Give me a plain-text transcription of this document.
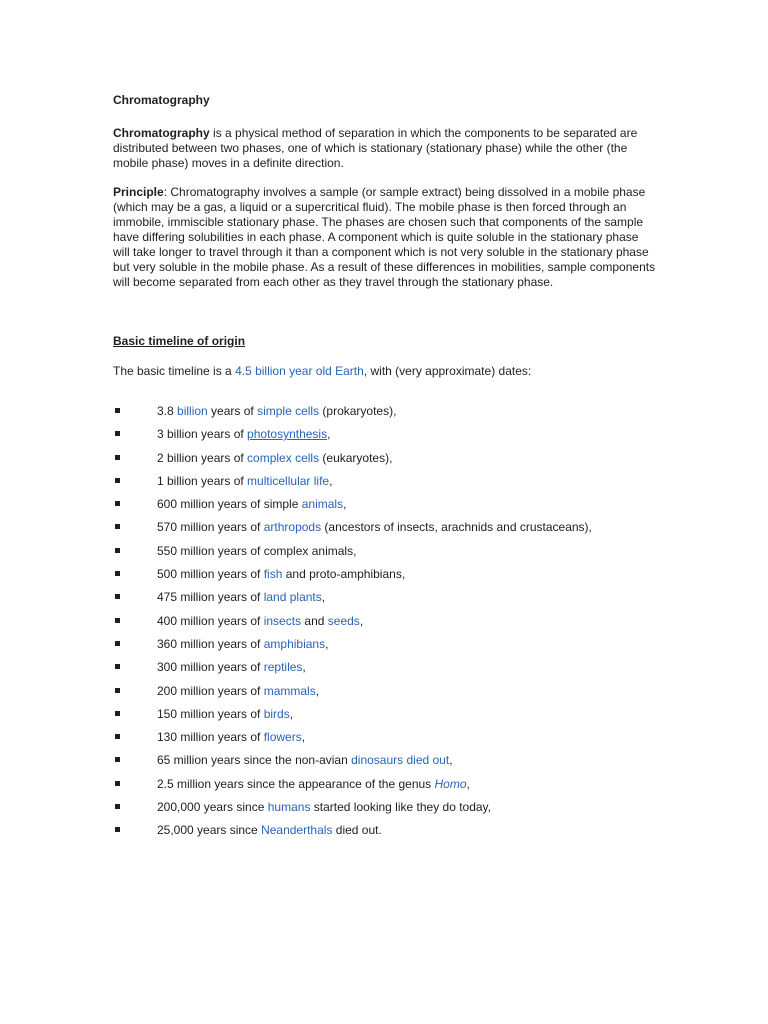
Chromatography

Chromatography is a physical method of separation in which the components to be separated are distributed between two phases, one of which is stationary (stationary phase) while the other (the mobile phase) moves in a definite direction.

Principle: Chromatography involves a sample (or sample extract) being dissolved in a mobile phase (which may be a gas, a liquid or a supercritical fluid). The mobile phase is then forced through an immobile, immiscible stationary phase. The phases are chosen such that components of the sample have differing solubilities in each phase. A component which is quite soluble in the stationary phase will take longer to travel through it than a component which is not very soluble in the stationary phase but very soluble in the mobile phase. As a result of these differences in mobilities, sample components will become separated from each other as they travel through the stationary phase.

Basic timeline of origin

The basic timeline is a 4.5 billion year old Earth, with (very approximate) dates:

3.8 billion years of simple cells (prokaryotes),
3 billion years of photosynthesis,
2 billion years of complex cells (eukaryotes),
1 billion years of multicellular life,
600 million years of simple animals,
570 million years of arthropods (ancestors of insects, arachnids and crustaceans),
550 million years of complex animals,
500 million years of fish and proto-amphibians,
475 million years of land plants,
400 million years of insects and seeds,
360 million years of amphibians,
300 million years of reptiles,
200 million years of mammals,
150 million years of birds,
130 million years of flowers,
65 million years since the non-avian dinosaurs died out,
2.5 million years since the appearance of the genus Homo,
200,000 years since humans started looking like they do today,
25,000 years since Neanderthals died out.
